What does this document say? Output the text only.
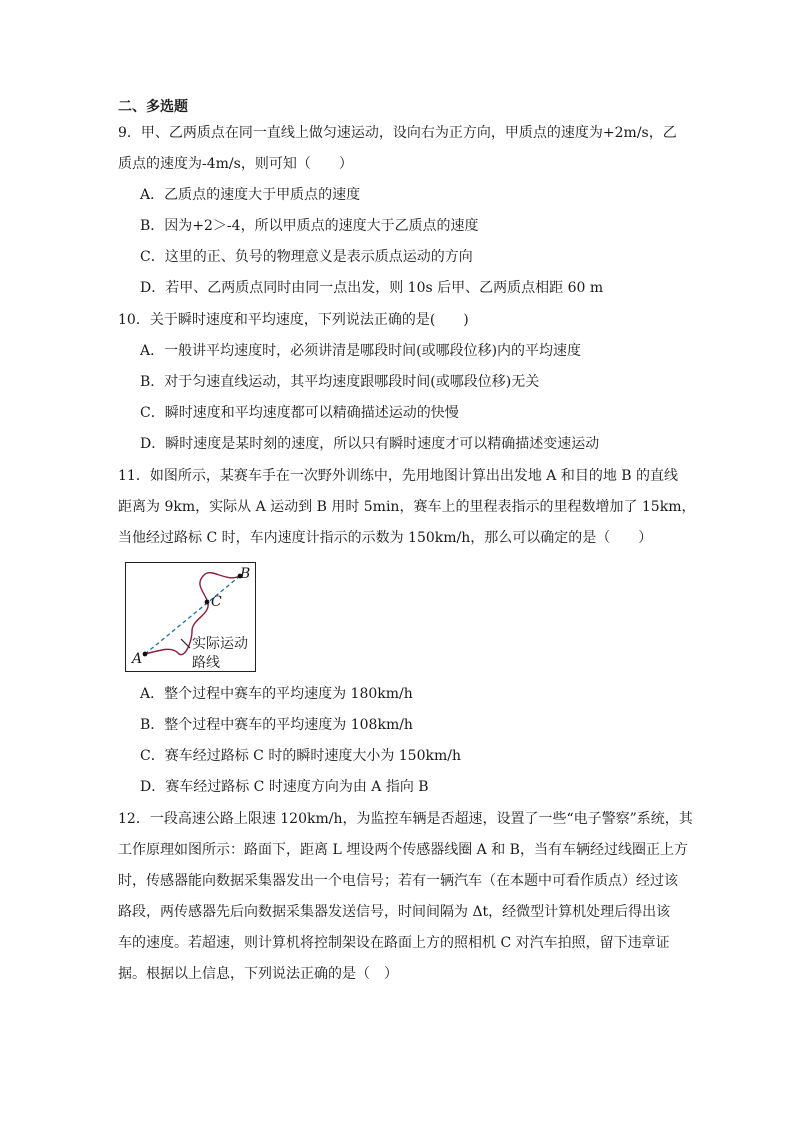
二、多选题
9．甲、乙两质点在同一直线上做匀速运动，设向右为正方向，甲质点的速度为+2m/s，乙
质点的速度为-4m/s，则可知（　　）
A．乙质点的速度大于甲质点的速度
B．因为+2＞-4，所以甲质点的速度大于乙质点的速度
C．这里的正、负号的物理意义是表示质点运动的方向
D．若甲、乙两质点同时由同一点出发，则 10s 后甲、乙两质点相距 60 m
10．关于瞬时速度和平均速度，下列说法正确的是(　　)
A．一般讲平均速度时，必须讲清是哪段时间(或哪段位移)内的平均速度
B．对于匀速直线运动，其平均速度跟哪段时间(或哪段位移)无关
C．瞬时速度和平均速度都可以精确描述运动的快慢
D．瞬时速度是某时刻的速度，所以只有瞬时速度才可以精确描述变速运动
11．如图所示，某赛车手在一次野外训练中，先用地图计算出出发地 A 和目的地 B 的直线
距离为 9km，实际从 A 运动到 B 用时 5min，赛车上的里程表指示的里程数增加了 15km，
当他经过路标 C 时，车内速度计指示的示数为 150km/h，那么可以确定的是（　　）
A
B
C
实际运动
路线
A．整个过程中赛车的平均速度为 180km/h
B．整个过程中赛车的平均速度为 108km/h
C．赛车经过路标 C 时的瞬时速度大小为 150km/h
D．赛车经过路标 C 时速度方向为由 A 指向 B
12．一段高速公路上限速 120km/h，为监控车辆是否超速，设置了一些“电子警察”系统，其
工作原理如图所示：路面下，距离 L 埋设两个传感器线圈 A 和 B，当有车辆经过线圈正上方
时，传感器能向数据采集器发出一个电信号；若有一辆汽车（在本题中可看作质点）经过该
路段，两传感器先后向数据采集器发送信号，时间间隔为 Δt，经微型计算机处理后得出该
车的速度。若超速，则计算机将控制架设在路面上方的照相机 C 对汽车拍照，留下违章证
据。根据以上信息，下列说法正确的是（　）
